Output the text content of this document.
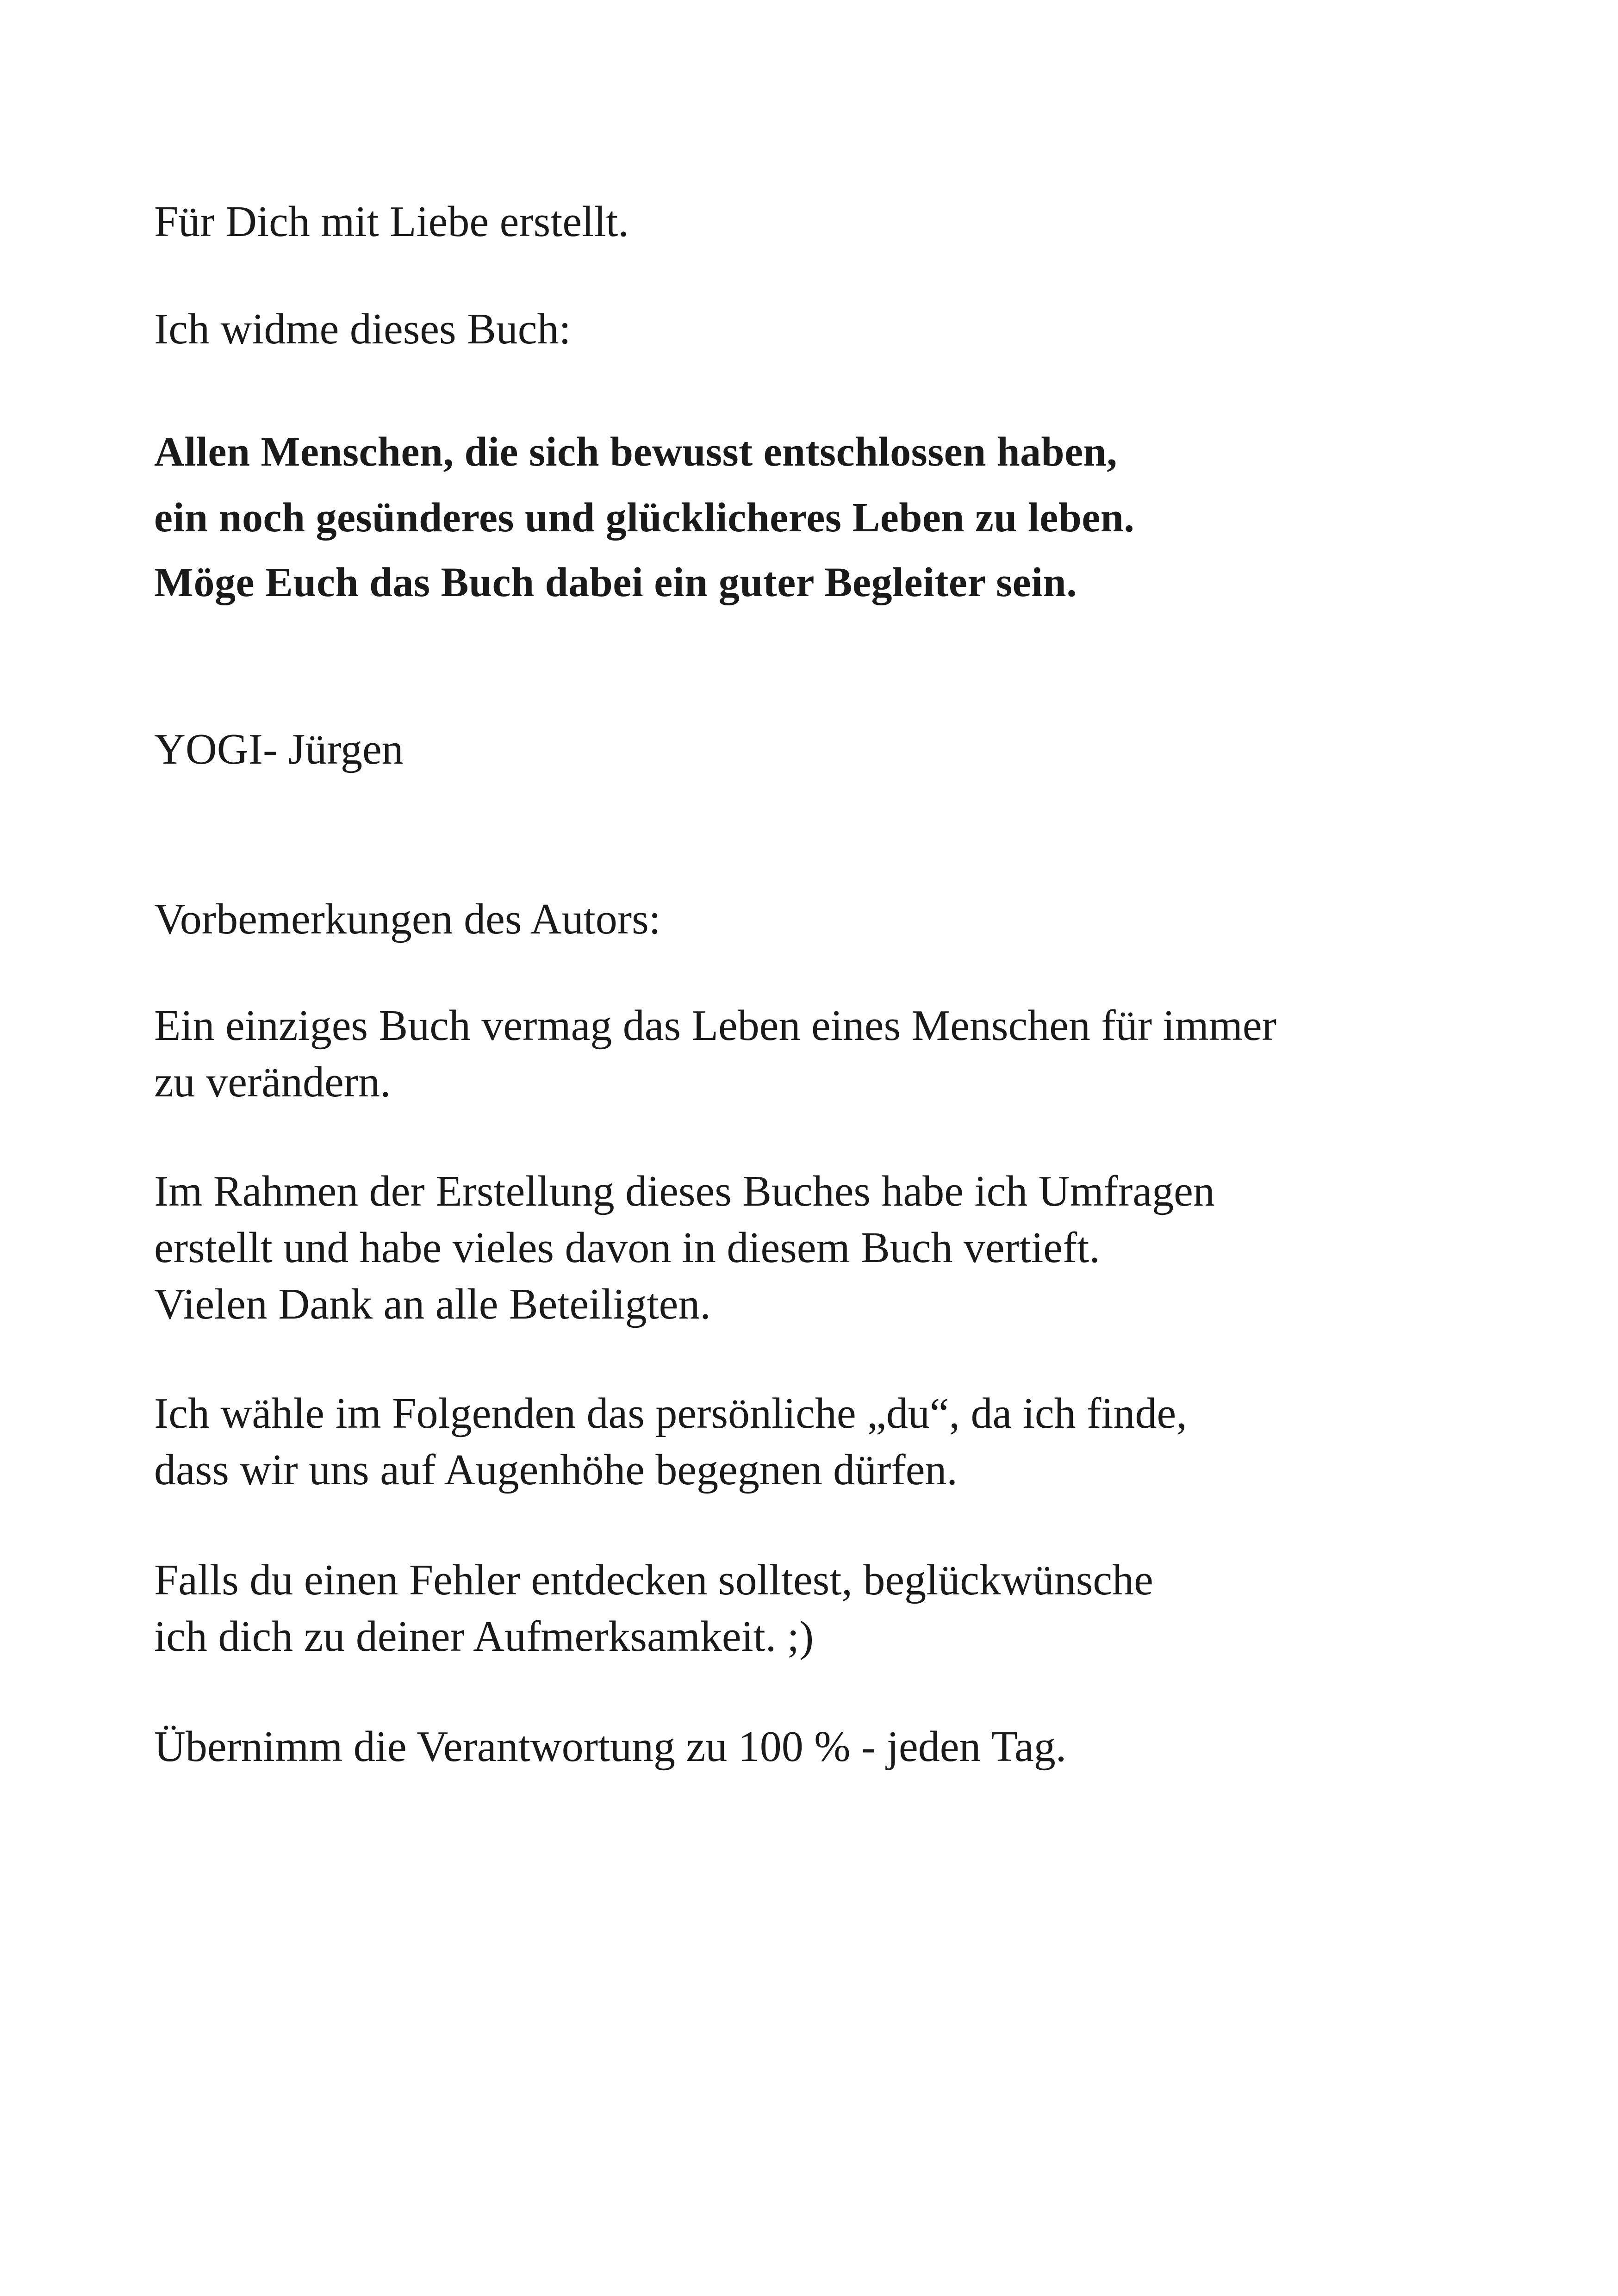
Für Dich mit Liebe erstellt.

Ich widme dieses Buch:

Allen Menschen, die sich bewusst entschlossen haben,

ein noch gesünderes und glücklicheres Leben zu leben.

Möge Euch das Buch dabei ein guter Begleiter sein.

YOGI- Jürgen

Vorbemerkungen des Autors:

Ein einziges Buch vermag das Leben eines Menschen für immer

zu verändern.

Im Rahmen der Erstellung dieses Buches habe ich Umfragen

erstellt und habe vieles davon in diesem Buch vertieft.

Vielen Dank an alle Beteiligten.

Ich wähle im Folgenden das persönliche „du“, da ich finde,

dass wir uns auf Augenhöhe begegnen dürfen.

Falls du einen Fehler entdecken solltest, beglückwünsche

ich dich zu deiner Aufmerksamkeit. ;)

Übernimm die Verantwortung zu 100 % - jeden Tag.
